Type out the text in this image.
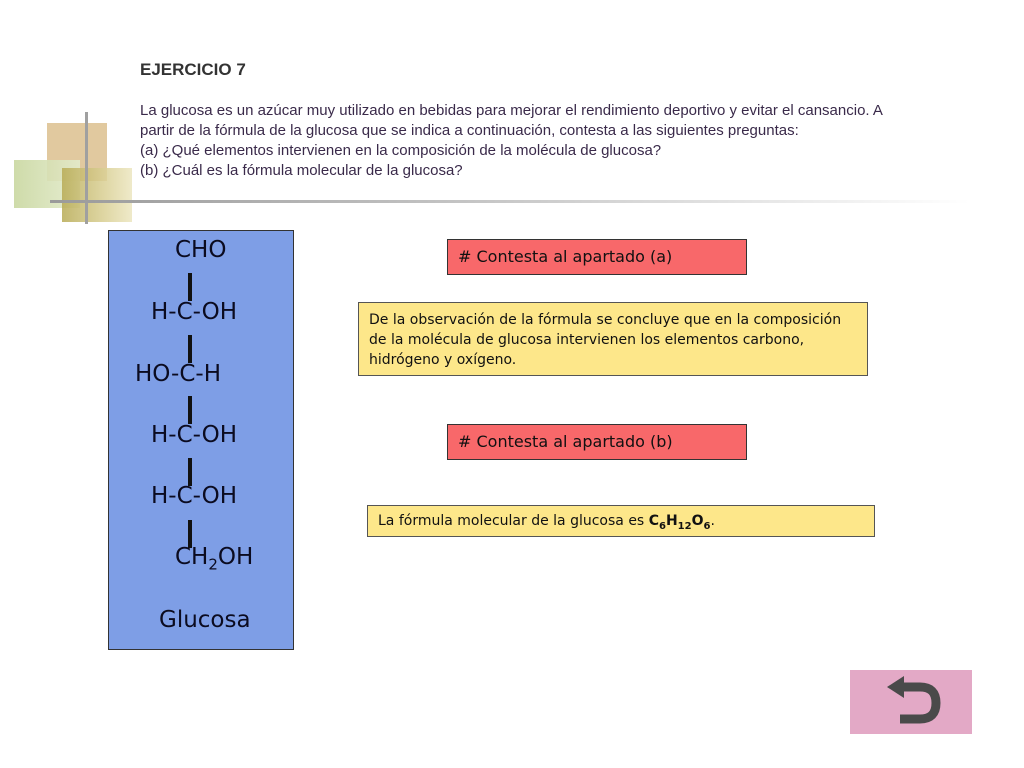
EJERCICIO 7
La glucosa es un azúcar muy utilizado en bebidas para mejorar el rendimiento deportivo y evitar el cansancio. A
partir de la fórmula de la glucosa que se indica a continuación, contesta a las siguientes preguntas:
(a) ¿Qué elementos intervienen en la composición de la molécula de glucosa?
(b) ¿Cuál es la fórmula molecular de la glucosa?
CHO
H-C-OH
HO-C-H
H-C-OH
H-C-OH
$CH_2OH$
Glucosa
# Contesta al apartado (a)
De la observación de la fórmula se concluye que en la composición de la molécula de glucosa intervienen los elementos carbono, hidrógeno y oxígeno.
# Contesta al apartado (b)
La fórmula molecular de la glucosa es $C_6H_{12}O_6$.
